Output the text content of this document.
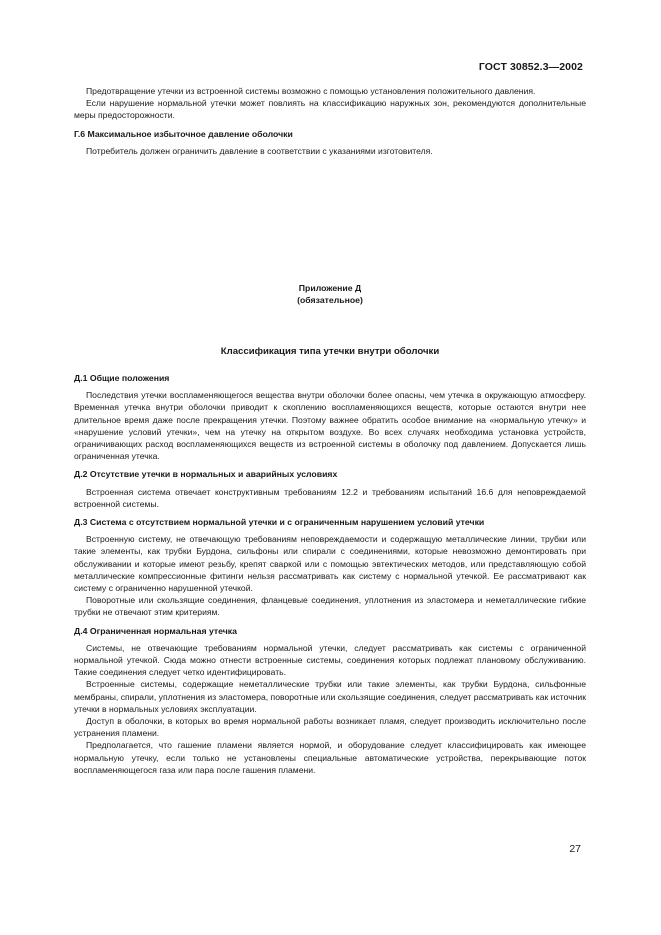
ГОСТ 30852.3—2002

Предотвращение утечки из встроенной системы возможно с помощью установления положительного давления.

Если нарушение нормальной утечки может повлиять на классификацию наружных зон, рекомендуются дополнительные меры предосторожности.

Г.6 Максимальное избыточное давление оболочки

Потребитель должен ограничить давление в соответствии с указаниями изготовителя.

Приложение Д
(обязательное)
Классификация типа утечки внутри оболочки
Д.1 Общие положения

Последствия утечки воспламеняющегося вещества внутри оболочки более опасны, чем утечка в окружающую атмосферу. Временная утечка внутри оболочки приводит к скоплению воспламеняющихся веществ, которые остаются внутри нее длительное время даже после прекращения утечки. Поэтому важнее обратить особое внимание на «нормальную утечку» и «нарушение условий утечки», чем на утечку на открытом воздухе. Во всех случаях необходима установка устройств, ограничивающих расход воспламеняющихся веществ из встроенной системы в оболочку под давлением. Допускается лишь ограниченная утечка.

Д.2 Отсутствие утечки в нормальных и аварийных условиях

Встроенная система отвечает конструктивным требованиям 12.2 и требованиям испытаний 16.6 для неповреждаемой встроенной системы.

Д.3 Система с отсутствием нормальной утечки и с ограниченным нарушением условий утечки

Встроенную систему, не отвечающую требованиям неповреждаемости и содержащую металлические линии, трубки или такие элементы, как трубки Бурдона, сильфоны или спирали с соединениями, которые невозможно демонтировать при обслуживании и которые имеют резьбу, крепят сваркой или с помощью эвтектических методов, или представляющую собой металлические компрессионные фитинги нельзя рассматривать как систему с нормальной утечкой. Ее рассматривают как систему с ограниченно нарушенной утечкой.

Поворотные или скользящие соединения, фланцевые соединения, уплотнения из эластомера и неметаллические гибкие трубки не отвечают этим критериям.

Д.4 Ограниченная нормальная утечка

Системы, не отвечающие требованиям нормальной утечки, следует рассматривать как системы с ограниченной нормальной утечкой. Сюда можно отнести встроенные системы, соединения которых подлежат плановому обслуживанию. Такие соединения следует четко идентифицировать.

Встроенные системы, содержащие неметаллические трубки или такие элементы, как трубки Бурдона, сильфонные мембраны, спирали, уплотнения из эластомера, поворотные или скользящие соединения, следует рассматривать как источник утечки в нормальных условиях эксплуатации.

Доступ в оболочки, в которых во время нормальной работы возникает пламя, следует производить исключительно после устранения пламени.

Предполагается, что гашение пламени является нормой, и оборудование следует классифицировать как имеющее нормальную утечку, если только не установлены специальные автоматические устройства, перекрывающие поток воспламеняющегося газа или пара после гашения пламени.

27
